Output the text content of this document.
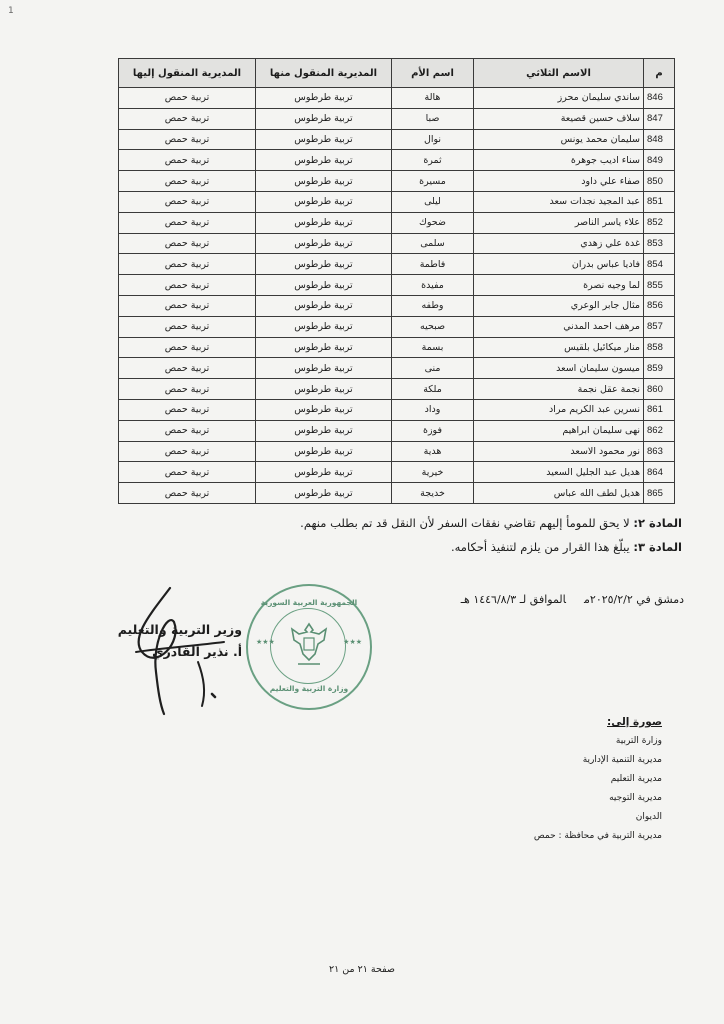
1
م	الاسم الثلاثي	اسم الأم	المديرية المنقول منها	المديرية المنقول إليها
846	ساندي سليمان محرز	هالة	تربية طرطوس	تربية حمص
847	سلاف حسين قصيعة	صبا	تربية طرطوس	تربية حمص
848	سليمان محمد يونس	نوال	تربية طرطوس	تربية حمص
849	سناء اديب جوهرة	ثمرة	تربية طرطوس	تربية حمص
850	صفاء علي داود	مسيرة	تربية طرطوس	تربية حمص
851	عبد المجيد نجدات سعد	ليلى	تربية طرطوس	تربية حمص
852	علاء ياسر الناصر	ضحوك	تربية طرطوس	تربية حمص
853	غدة علي زهدي	سلمى	تربية طرطوس	تربية حمص
854	فاديا عباس بدران	فاطمة	تربية طرطوس	تربية حمص
855	لما وجيه نصرة	مفيدة	تربية طرطوس	تربية حمص
856	مثال جابر الوعري	وطفه	تربية طرطوس	تربية حمص
857	مرهف احمد المدني	صبحيه	تربية طرطوس	تربية حمص
858	منار ميكائيل بلقيس	بسمة	تربية طرطوس	تربية حمص
859	ميسون سليمان اسعد	منى	تربية طرطوس	تربية حمص
860	نجمة عقل نجمة	ملكة	تربية طرطوس	تربية حمص
861	نسرين عبد الكريم مراد	وداد	تربية طرطوس	تربية حمص
862	نهى سليمان ابراهيم	فوزة	تربية طرطوس	تربية حمص
863	نور محمود الاسعد	هدية	تربية طرطوس	تربية حمص
864	هديل عبد الجليل السعيد	خيرية	تربية طرطوس	تربية حمص
865	هديل لطف الله عباس	خديجة	تربية طرطوس	تربية حمص
المادة ٢: لا يحق للمومأ إليهم تقاضي نفقات السفر لأن النقل قد تم بطلب منهم.
المادة ٣: يبلّغ هذا القرار من يلزم لتنفيذ أحكامه.
دمشق في ٢٠٢٥/٢/٢مالموافق لـ ١٤٤٦/٨/٣ هـ
الجمهورية العربية السورية
★★★	★★★
وزارة التربية والتعليم
وزير التربية والتعليم
أ. نذير القادري
صورة إلى:
وزارة التربية
مديرية التنمية الإدارية
مديرية التعليم
مديرية التوجيه
الديوان
مديرية التربية في محافظة : حمص
صفحة ٢١ من ٢١
